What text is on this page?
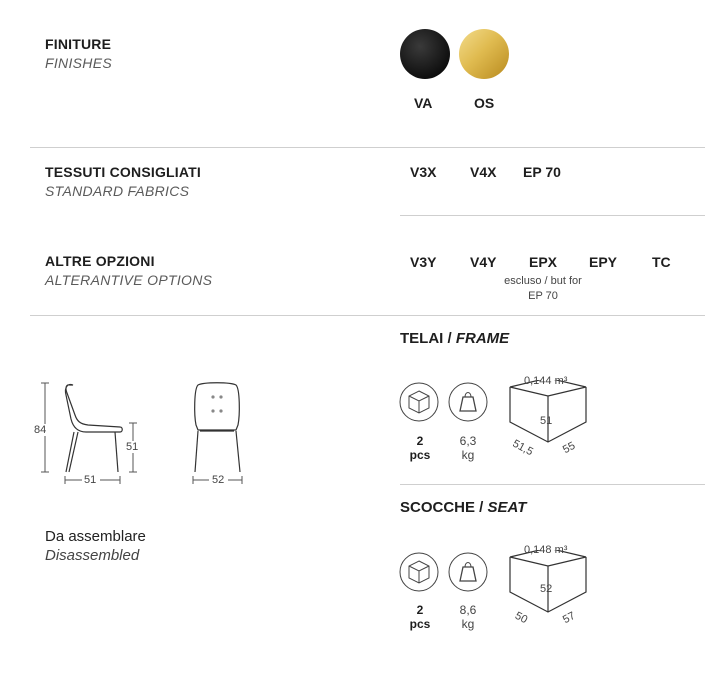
FINITURE
FINISHES
VA	OS
TESSUTI CONSIGLIATI
STANDARD FABRICS
V3X V4X EP 70
ALTRE OPZIONI
ALTERANTIVE OPTIONS
V3Y V4Y EPX EPY TC
escluso / but for
EP 70
84
51
51	52
Da assemblare
Disassembled
TELAI / FRAME
2
pcs
6,3
kg
0,144 m³
51
51,5 55
SCOCCHE / SEAT
2
pcs
8,6
kg
0,148 m³
52
50	57
